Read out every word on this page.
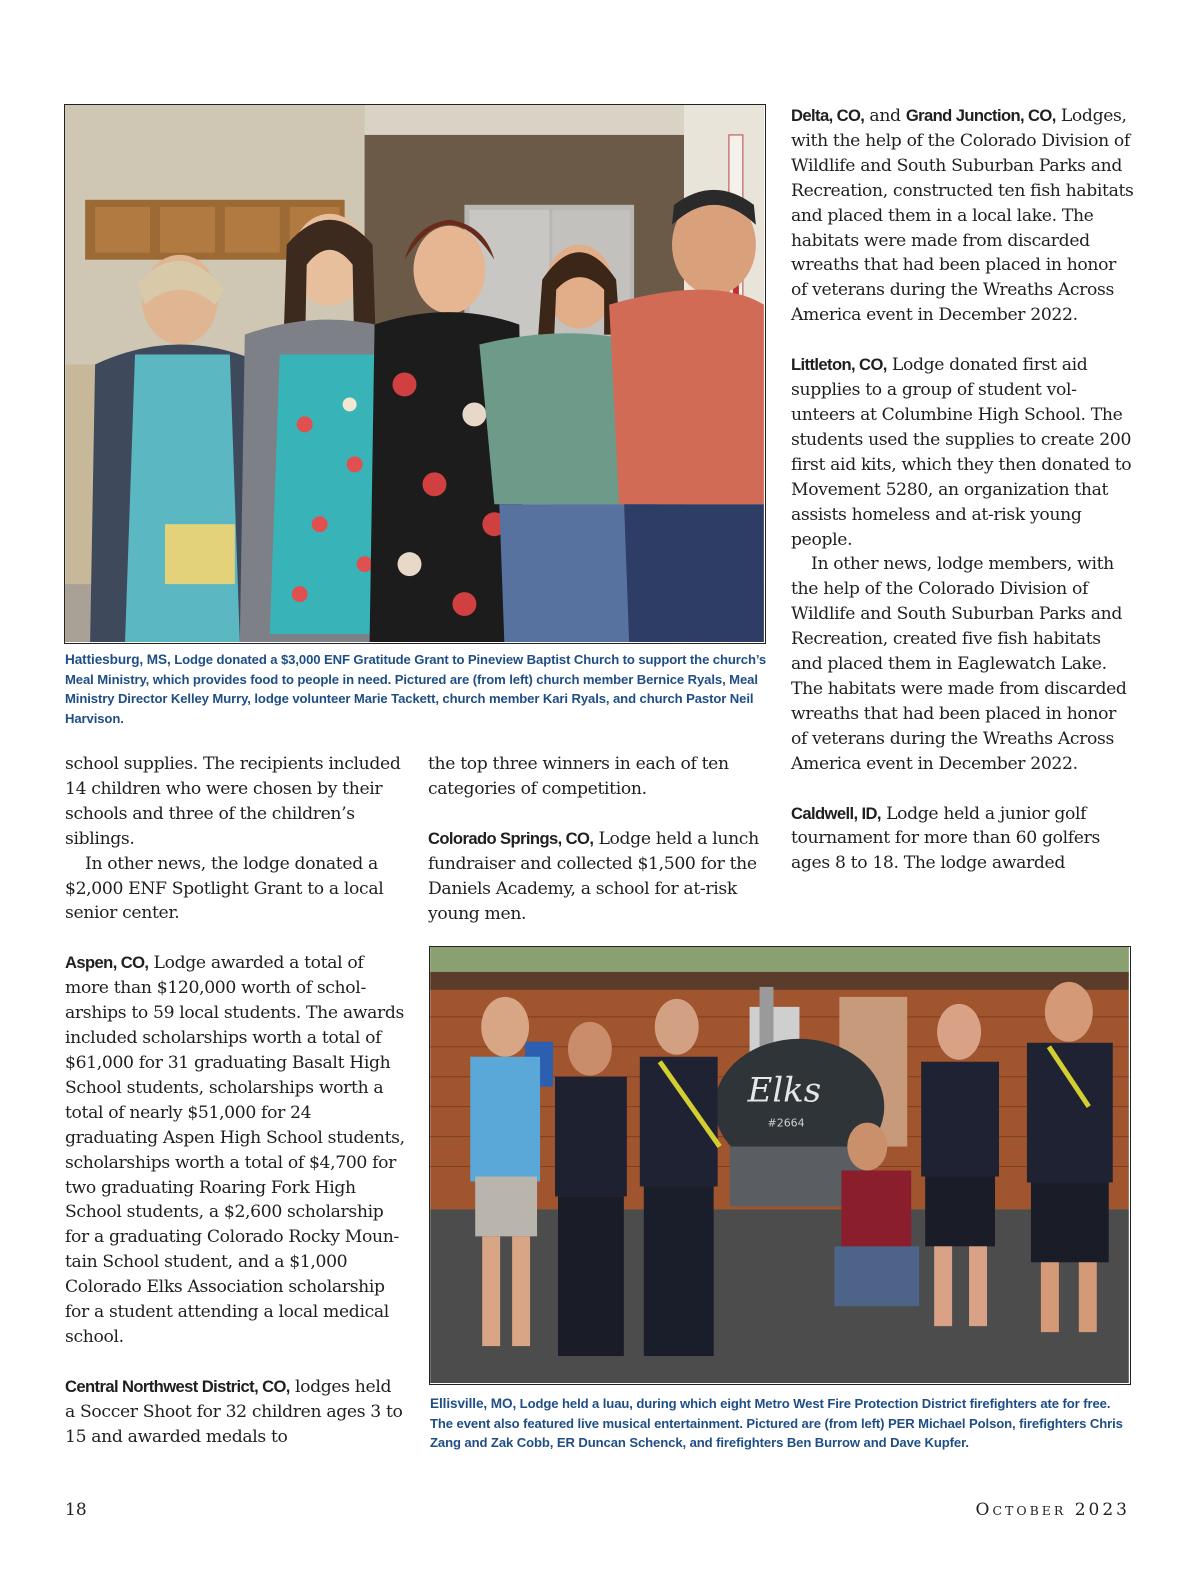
Hattiesburg, MS, Lodge donated a $3,000 ENF Gratitude Grant to Pineview Baptist Church to support the church’s Meal Ministry, which provides food to people in need. Pictured are (from left) church member Bernice Ryals, Meal Ministry Director Kelley Murry, lodge volunteer Marie Tackett, church member Kari Ryals, and church Pastor Neil Harvison.

school supplies. The recipients included 14 children who were chosen by their schools and three of the children’s siblings.

In other news, the lodge donated a $2,000 ENF Spotlight Grant to a local senior center.

Aspen, CO, Lodge awarded a total of more than $120,000 worth of scholarships to 59 local students. The awards included scholarships worth a total of $61,000 for 31 graduating Basalt High School students, scholarships worth a total of nearly $51,000 for 24 graduating Aspen High School students, scholarships worth a total of $4,700 for two graduating Roaring Fork High School students, a $2,600 scholarship for a graduating Colorado Rocky Mountain School student, and a $1,000 Colorado Elks Association scholarship for a student attending a local medical school.

Central Northwest District, CO, lodges held a Soccer Shoot for 32 children ages 3 to 15 and awarded medals to

the top three winners in each of ten categories of competition.

Colorado Springs, CO, Lodge held a lunch fundraiser and collected $1,500 for the Daniels Academy, a school for at-risk young men.

Delta, CO, and Grand Junction, CO, Lodges, with the help of the Colorado Division of Wildlife and South Suburban Parks and Recreation, constructed ten fish habitats and placed them in a local lake. The habitats were made from discarded wreaths that had been placed in honor of veterans during the Wreaths Across America event in December 2022.

Littleton, CO, Lodge donated first aid supplies to a group of student volunteers at Columbine High School. The students used the supplies to create 200 first aid kits, which they then donated to Movement 5280, an organization that assists homeless and at-risk young people.

In other news, lodge members, with the help of the Colorado Division of Wildlife and South Suburban Parks and Recreation, created five fish habitats and placed them in Eaglewatch Lake. The habitats were made from discarded wreaths that had been placed in honor of veterans during the Wreaths Across America event in December 2022.

Caldwell, ID, Lodge held a junior golf tournament for more than 60 golfers ages 8 to 18. The lodge awarded

Elks
#2664
Ellisville, MO, Lodge held a luau, during which eight Metro West Fire Protection District firefighters ate for free. The event also featured live musical entertainment. Pictured are (from left) PER Michael Polson, firefighters Chris Zang and Zak Cobb, ER Duncan Schenck, and firefighters Ben Burrow and Dave Kupfer.
18	OCTOBER 2023
